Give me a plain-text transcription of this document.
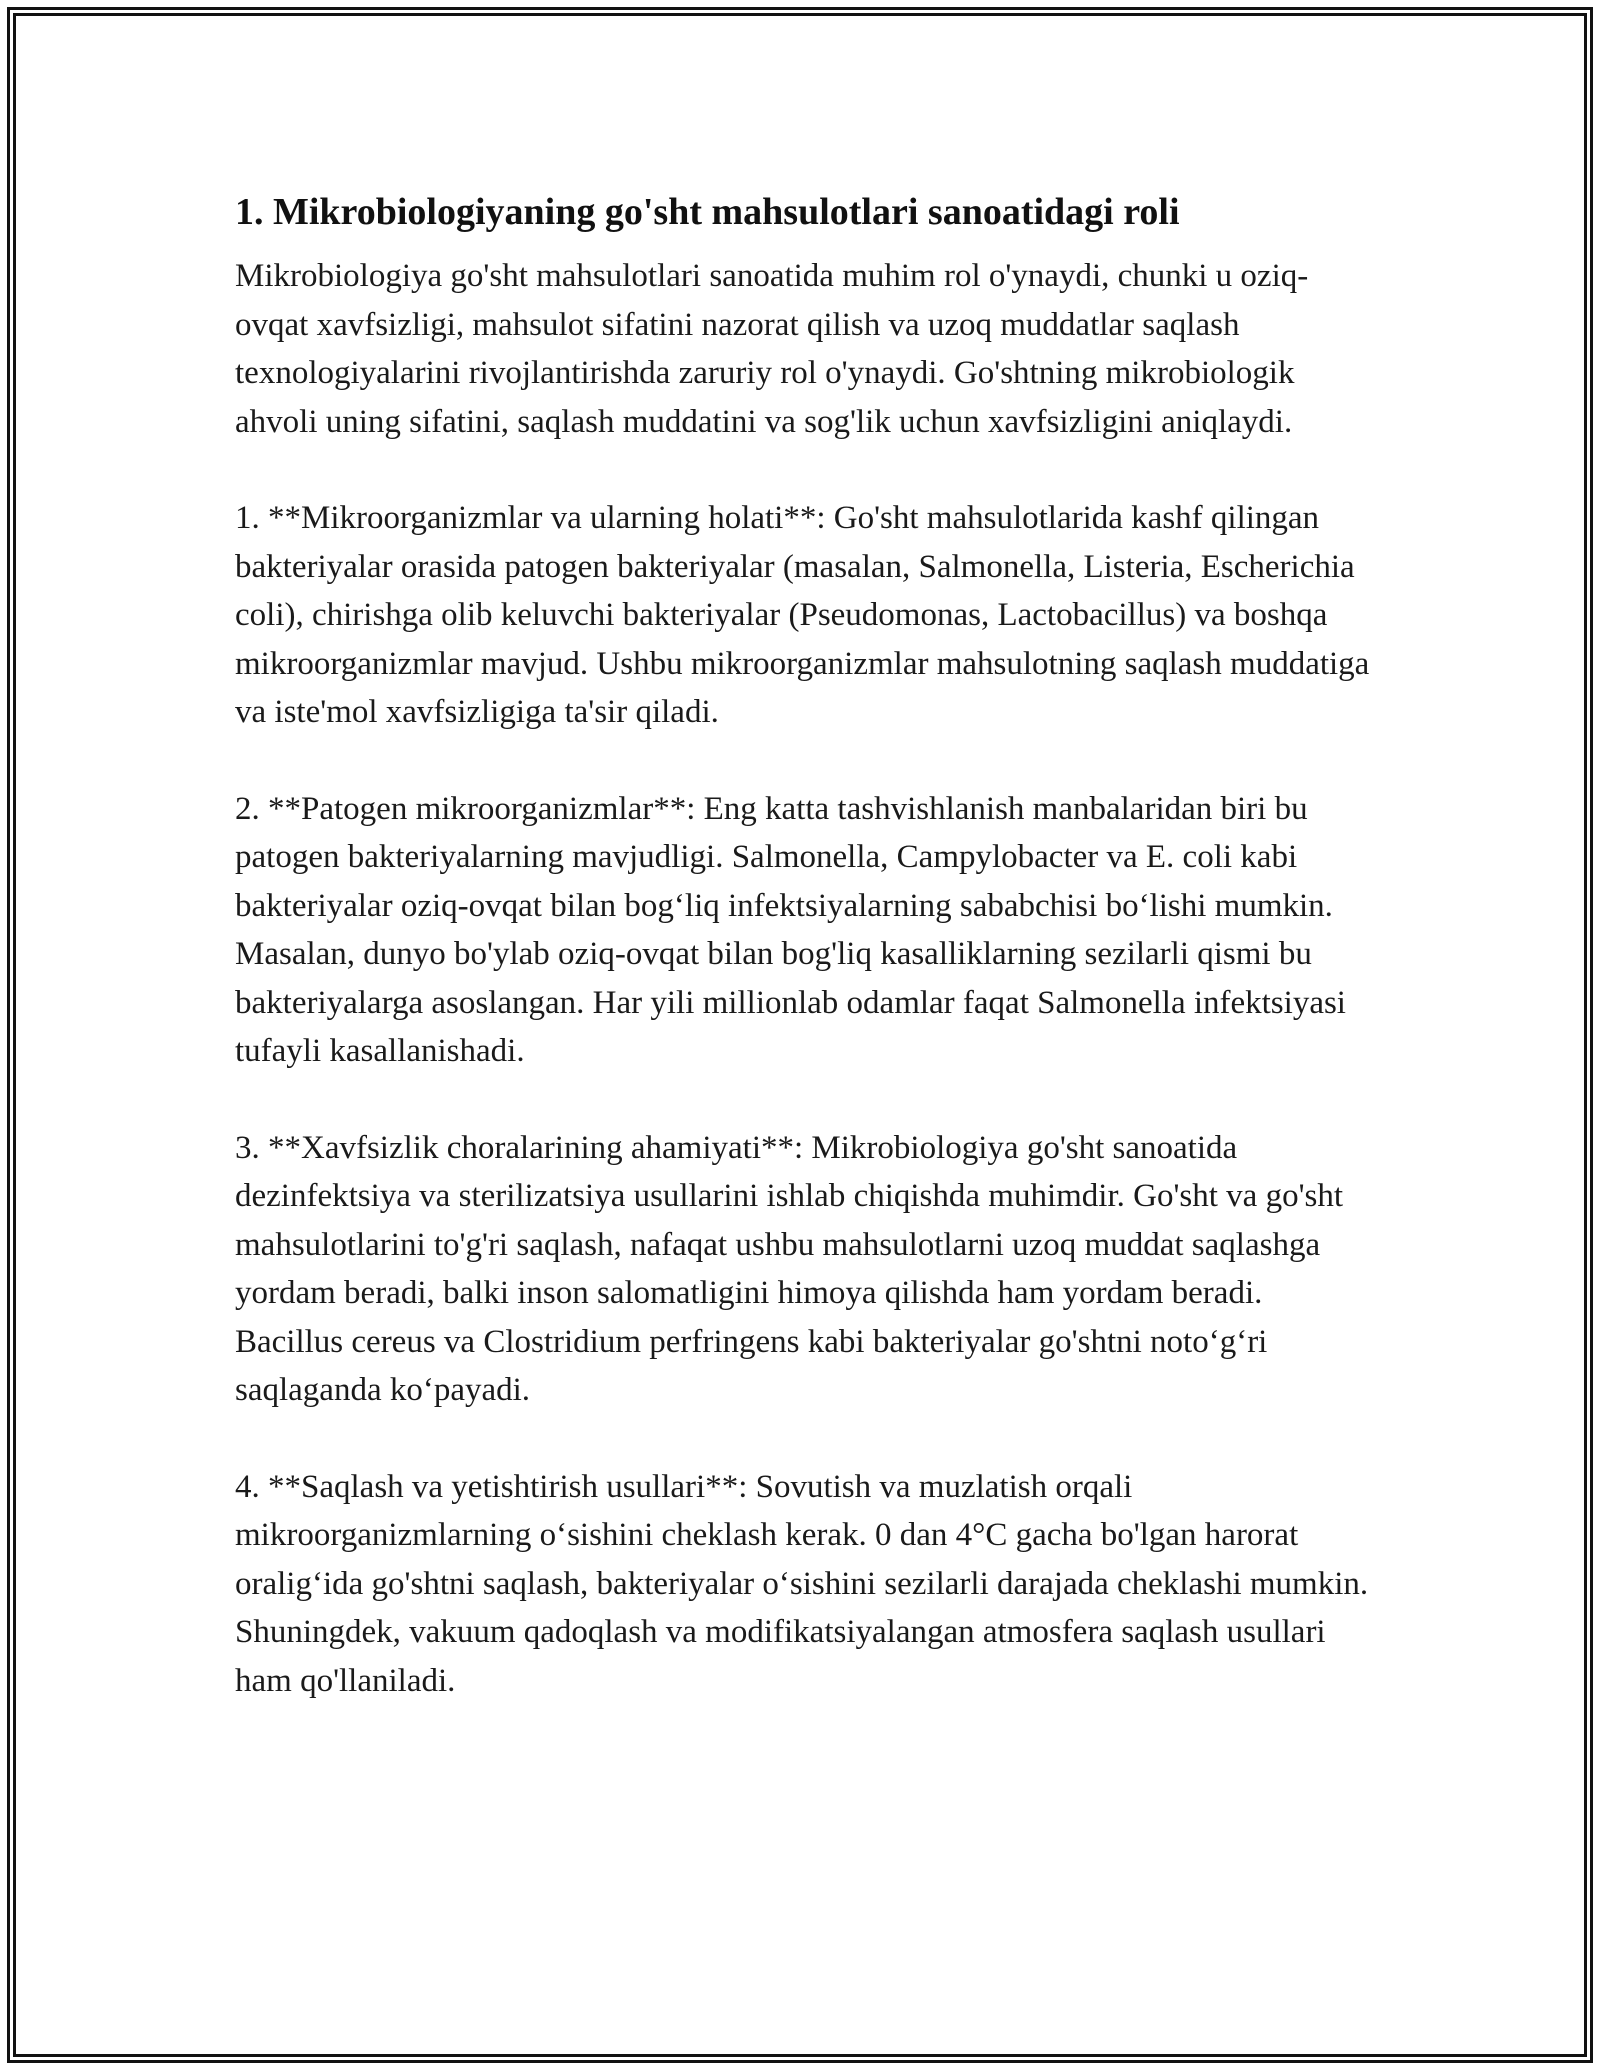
1. Mikrobiologiyaning go'sht mahsulotlari sanoatidagi roli

Mikrobiologiya go'sht mahsulotlari sanoatida muhim rol o'ynaydi, chunki u oziq-ovqat xavfsizligi, mahsulot sifatini nazorat qilish va uzoq muddatlar saqlash texnologiyalarini rivojlantirishda zaruriy rol o'ynaydi. Go'shtning mikrobiologik ahvoli uning sifatini, saqlash muddatini va sog'lik uchun xavfsizligini aniqlaydi.

1. **Mikroorganizmlar va ularning holati**: Go'sht mahsulotlarida kashf qilingan bakteriyalar orasida patogen bakteriyalar (masalan, Salmonella, Listeria, Escherichia coli), chirishga olib keluvchi bakteriyalar (Pseudomonas, Lactobacillus) va boshqa mikroorganizmlar mavjud. Ushbu mikroorganizmlar mahsulotning saqlash muddatiga va iste'mol xavfsizligiga ta'sir qiladi.

2. **Patogen mikroorganizmlar**: Eng katta tashvishlanish manbalaridan biri bu patogen bakteriyalarning mavjudligi. Salmonella, Campylobacter va E. coli kabi bakteriyalar oziq-ovqat bilan bog‘liq infektsiyalarning sababchisi bo‘lishi mumkin. Masalan, dunyo bo'ylab oziq-ovqat bilan bog'liq kasalliklarning sezilarli qismi bu bakteriyalarga asoslangan. Har yili millionlab odamlar faqat Salmonella infektsiyasi tufayli kasallanishadi.

3. **Xavfsizlik choralarining ahamiyati**: Mikrobiologiya go'sht sanoatida dezinfektsiya va sterilizatsiya usullarini ishlab chiqishda muhimdir. Go'sht va go'sht mahsulotlarini to'g'ri saqlash, nafaqat ushbu mahsulotlarni uzoq muddat saqlashga yordam beradi, balki inson salomatligini himoya qilishda ham yordam beradi. Bacillus cereus va Clostridium perfringens kabi bakteriyalar go'shtni noto‘g‘ri saqlaganda ko‘payadi.

4. **Saqlash va yetishtirish usullari**: Sovutish va muzlatish orqali mikroorganizmlarning o‘sishini cheklash kerak. 0 dan 4°C gacha bo'lgan harorat oralig‘ida go'shtni saqlash, bakteriyalar o‘sishini sezilarli darajada cheklashi mumkin. Shuningdek, vakuum qadoqlash va modifikatsiyalangan atmosfera saqlash usullari ham qo'llaniladi.
